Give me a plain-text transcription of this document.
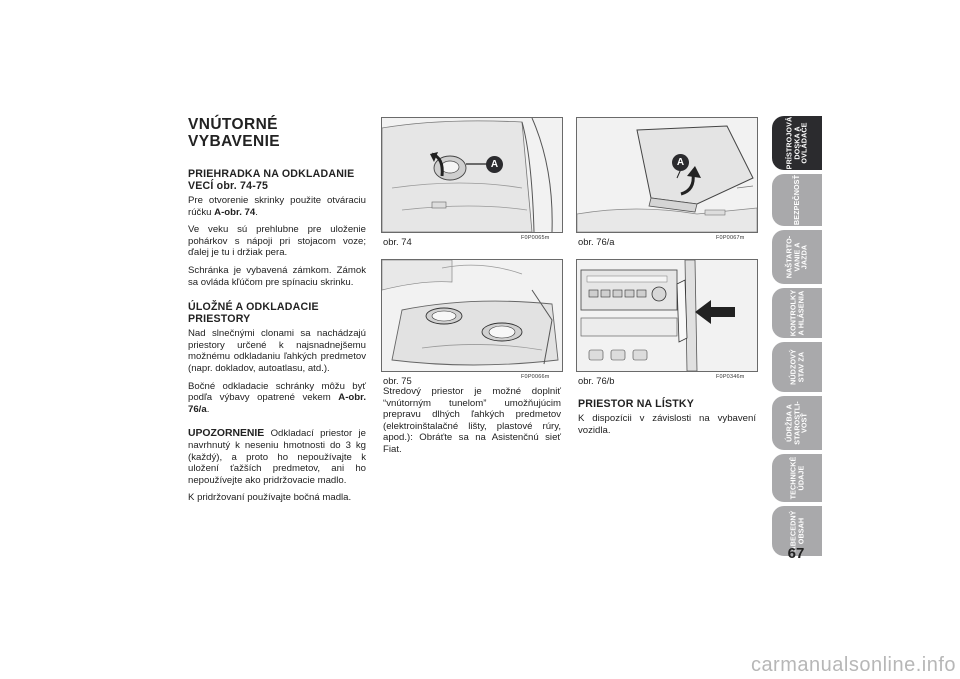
VNÚTORNÉ VYBAVENIE
PRIEHRADKA NA ODKLADANIE VECÍ obr. 74-75
Pre otvorenie skrinky použite otváraciu rúčku A-obr. 74.
Ve veku sú prehlubne pre uloženie pohárkov s nápoji pri stojacom voze; ďalej je tu i držiak pera.
Schránka je vybavená zámkom. Zámok sa ovláda kľúčom pre spínaciu skrinku.
ÚLOŽNÉ A ODKLADACIE PRIESTORY
Nad slnečnými clonami sa nachádzajú priestory určené k najsnadnejšemu možnému odkladaniu ľahkých predmetov (napr. dokladov, autoatlasu, atd.).
Bočné odkladacie schránky môžu byť podľa výbavy opatrené vekem A-obr. 76/a.
UPOZORNENIE Odkladací priestor je navrhnutý k neseniu hmotnosti do 3 kg (každý), a proto ho nepoužívajte k uložení ťažších predmetov, ani ho nepoužívejte ako pridržovacie madlo.
K pridržovaní používajte bočná madla.
A
obr. 74	F0P0065m
obr. 75	F0P0066m
Stredový priestor je možné doplniť “vnútorným tunelom” umožňujúcim prepravu dlhých ľahkých predmetov (elektroinštalačné lišty, plastové rúry, apod.): Obráťte sa na Asistenčnú sieť Fiat.
A
obr. 76/a	F0P0067m
obr. 76/b	F0P0346m
PRIESTOR NA LÍSTKY
K dispozícii v závislosti na vybavení vozidla.
PRÍSTROJOVÁ
DOSKA A
OVLÁDAČE
BEZPEČNOSŤ
NAŠTARTO-
VANIE A
JAZDA
KONTROLKY
A HLÁSENIA
NÚDZOVÝ
STAV ZA
ÚDRŽBA A
STAROSTLI-
VOSŤ
TECHNICKÉ
ÚDAJE
ABECEDNÝ
OBSAH
67
carmanualsonline.info
